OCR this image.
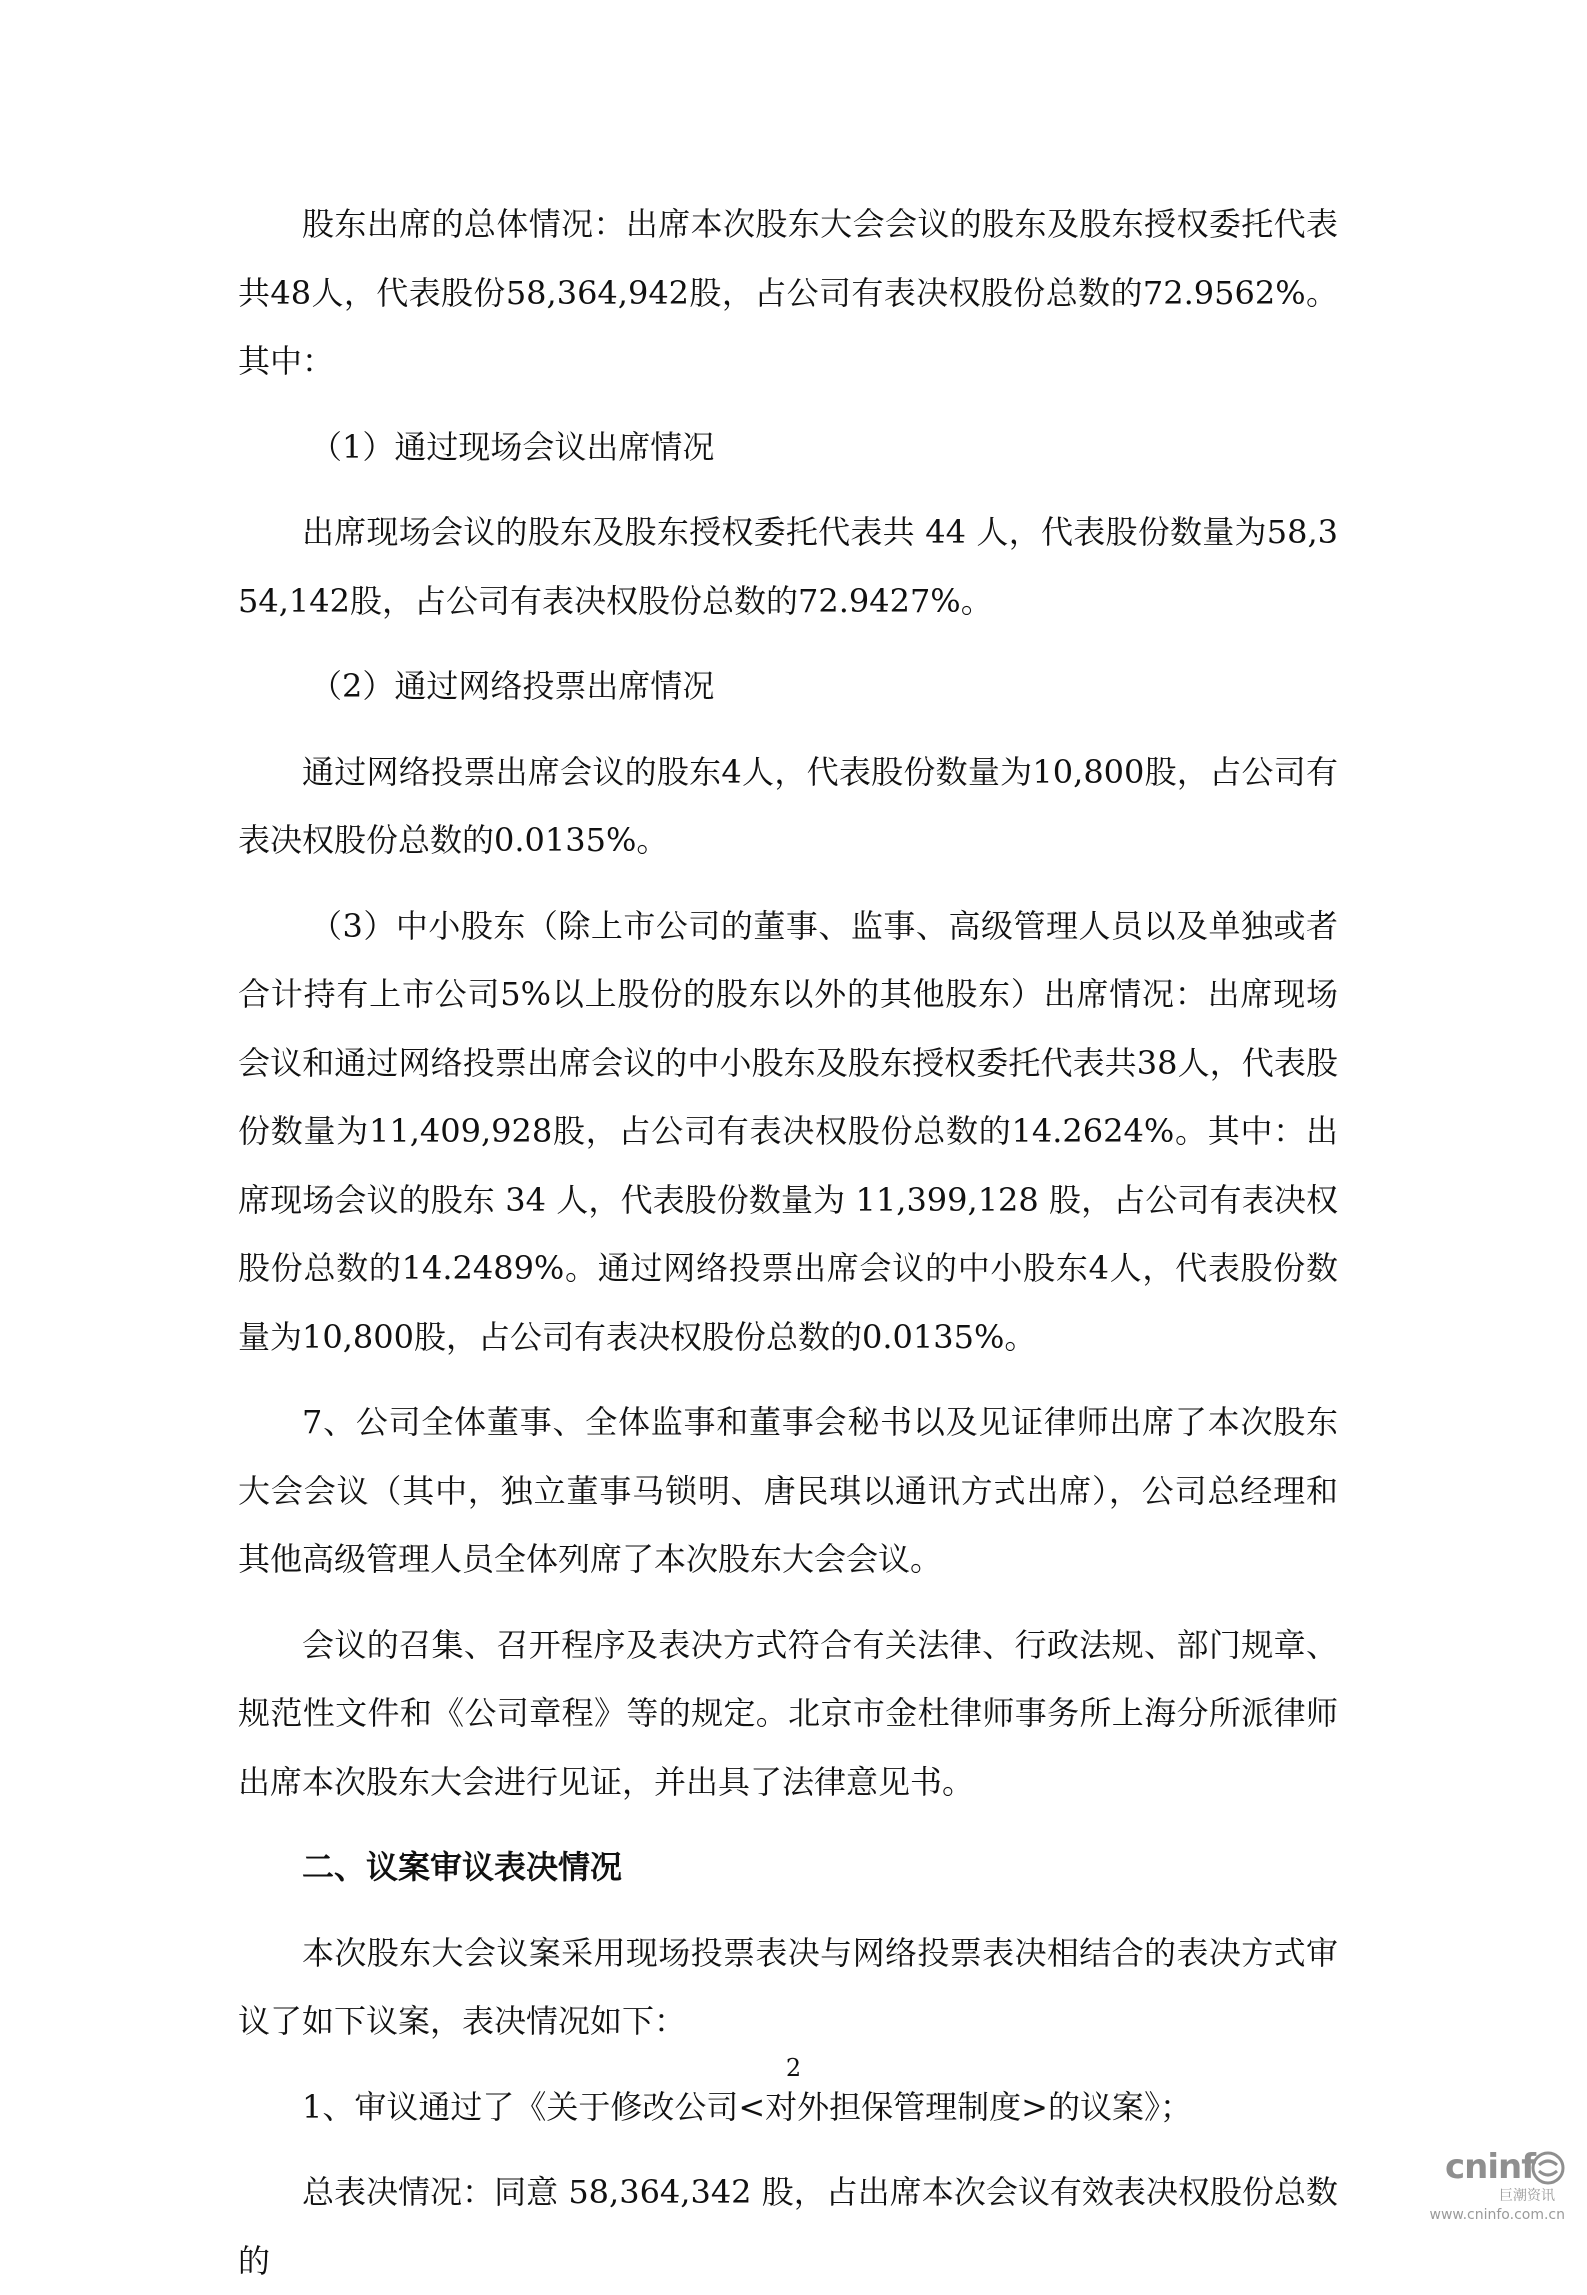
股东出席的总体情况：出席本次股东大会会议的股东及股东授权委托代表共48人，代表股份58,364,942股，占公司有表决权股份总数的72.9562%。其中：

（1）通过现场会议出席情况

出席现场会议的股东及股东授权委托代表共 44 人，代表股份数量为58,354,142股，占公司有表决权股份总数的72.9427%。

（2）通过网络投票出席情况

通过网络投票出席会议的股东4人，代表股份数量为10,800股，占公司有表决权股份总数的0.0135%。

（3）中小股东（除上市公司的董事、监事、高级管理人员以及单独或者合计持有上市公司5%以上股份的股东以外的其他股东）出席情况：出席现场会议和通过网络投票出席会议的中小股东及股东授权委托代表共38人，代表股份数量为11,409,928股，占公司有表决权股份总数的14.2624%。其中：出席现场会议的股东 34 人，代表股份数量为 11,399,128 股，占公司有表决权股份总数的14.2489%。通过网络投票出席会议的中小股东4人，代表股份数量为10,800股，占公司有表决权股份总数的0.0135%。

7、公司全体董事、全体监事和董事会秘书以及见证律师出席了本次股东大会会议（其中，独立董事马锁明、唐民琪以通讯方式出席），公司总经理和其他高级管理人员全体列席了本次股东大会会议。

会议的召集、召开程序及表决方式符合有关法律、行政法规、部门规章、规范性文件和《公司章程》等的规定。北京市金杜律师事务所上海分所派律师出席本次股东大会进行见证，并出具了法律意见书。

二、议案审议表决情况

本次股东大会议案采用现场投票表决与网络投票表决相结合的表决方式审议了如下议案，表决情况如下：

1、审议通过了《关于修改公司<对外担保管理制度>的议案》；

总表决情况：同意 58,364,342 股，占出席本次会议有效表决权股份总数的

2
cninf
巨潮资讯
www.cninfo.com.cn
